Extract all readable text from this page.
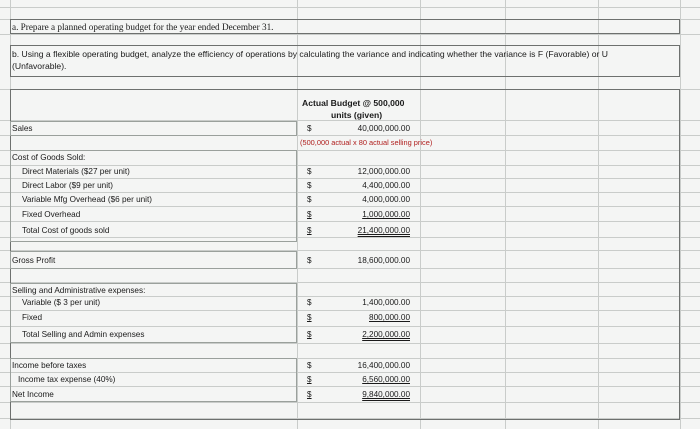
a. Prepare a planned operating budget for the year ended December 31.
b. Using a flexible operating budget, analyze the efficiency of operations by calculating the variance and indicating whether the variance is F (Favorable) or U
(Unfavorable).
Actual Budget @ 500,000
units (given)
Sales	$	40,000,000.00
(500,000 actual x 80 actual selling price)
Cost of Goods Sold:
Direct Materials ($27 per unit)	$	12,000,000.00
Direct Labor ($9 per unit)	$	4,400,000.00
Variable Mfg Overhead ($6 per unit)	$	4,000,000.00
Fixed Overhead	$	1,000,000.00
Total Cost of goods sold	$	21,400,000.00
Gross Profit	$	18,600,000.00
Selling and Administrative expenses:
Variable ($ 3 per unit)	$	1,400,000.00
Fixed	$	800,000.00
Total Selling and Admin expenses	$	2,200,000.00
Income before taxes	$	16,400,000.00
Income tax expense (40%)	$	6,560,000.00
Net Income	$	9,840,000.00
